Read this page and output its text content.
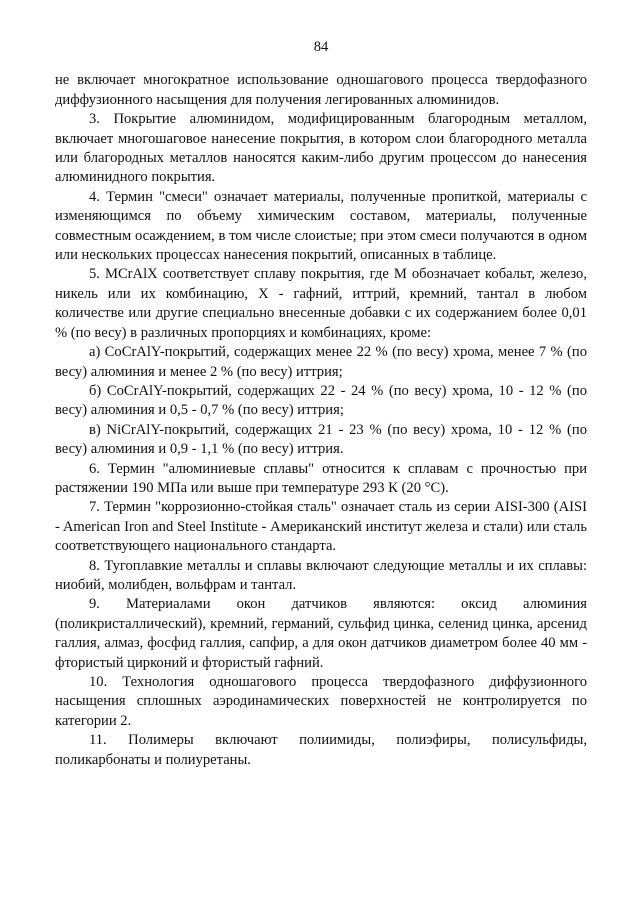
84

не включает многократное использование одношагового процесса твердофазного диффузионного насыщения для получения легированных алюминидов.

3. Покрытие алюминидом, модифицированным благородным металлом, включает многошаговое нанесение покрытия, в котором слои благородного металла или благородных металлов наносятся каким-либо другим процессом до нанесения алюминидного покрытия.

4. Термин "смеси" означает материалы, полученные пропиткой, материалы с изменяющимся по объему химическим составом, материалы, полученные совместным осаждением, в том числе слоистые; при этом смеси получаются в одном или нескольких процессах нанесения покрытий, описанных в таблице.

5. MCrAlX соответствует сплаву покрытия, где М обозначает кобальт, железо, никель или их комбинацию, X - гафний, иттрий, кремний, тантал в любом количестве или другие специально внесенные добавки с их содержанием более 0,01 % (по весу) в различных пропорциях и комбинациях, кроме:

а) CoCrAlY-покрытий, содержащих менее 22 % (по весу) хрома, менее 7 % (по весу) алюминия и менее 2 % (по весу) иттрия;

б) CoCrAlY-покрытий, содержащих 22 - 24 % (по весу) хрома, 10 - 12 % (по весу) алюминия и 0,5 - 0,7 % (по весу) иттрия;

в) NiCrAlY-покрытий, содержащих 21 - 23 % (по весу) хрома, 10 - 12 % (по весу) алюминия и 0,9 - 1,1 % (по весу) иттрия.

6. Термин "алюминиевые сплавы" относится к сплавам с прочностью при растяжении 190 МПа или выше при температуре 293 К (20 °С).

7. Термин "коррозионно-стойкая сталь" означает сталь из серии AISI-300 (AISI - American Iron and Steel Institute - Американский институт железа и стали) или сталь соответствующего национального стандарта.

8. Тугоплавкие металлы и сплавы включают следующие металлы и их сплавы: ниобий, молибден, вольфрам и тантал.

9. Материалами окон датчиков являются: оксид алюминия (поликристаллический), кремний, германий, сульфид цинка, селенид цинка, арсенид галлия, алмаз, фосфид галлия, сапфир, а для окон датчиков диаметром более 40 мм - фтористый цирконий и фтористый гафний.

10. Технология одношагового процесса твердофазного диффузионного насыщения сплошных аэродинамических поверхностей не контролируется по категории 2.

11. Полимеры включают полиимиды, полиэфиры, полисульфиды, поликарбонаты и полиуретаны.
